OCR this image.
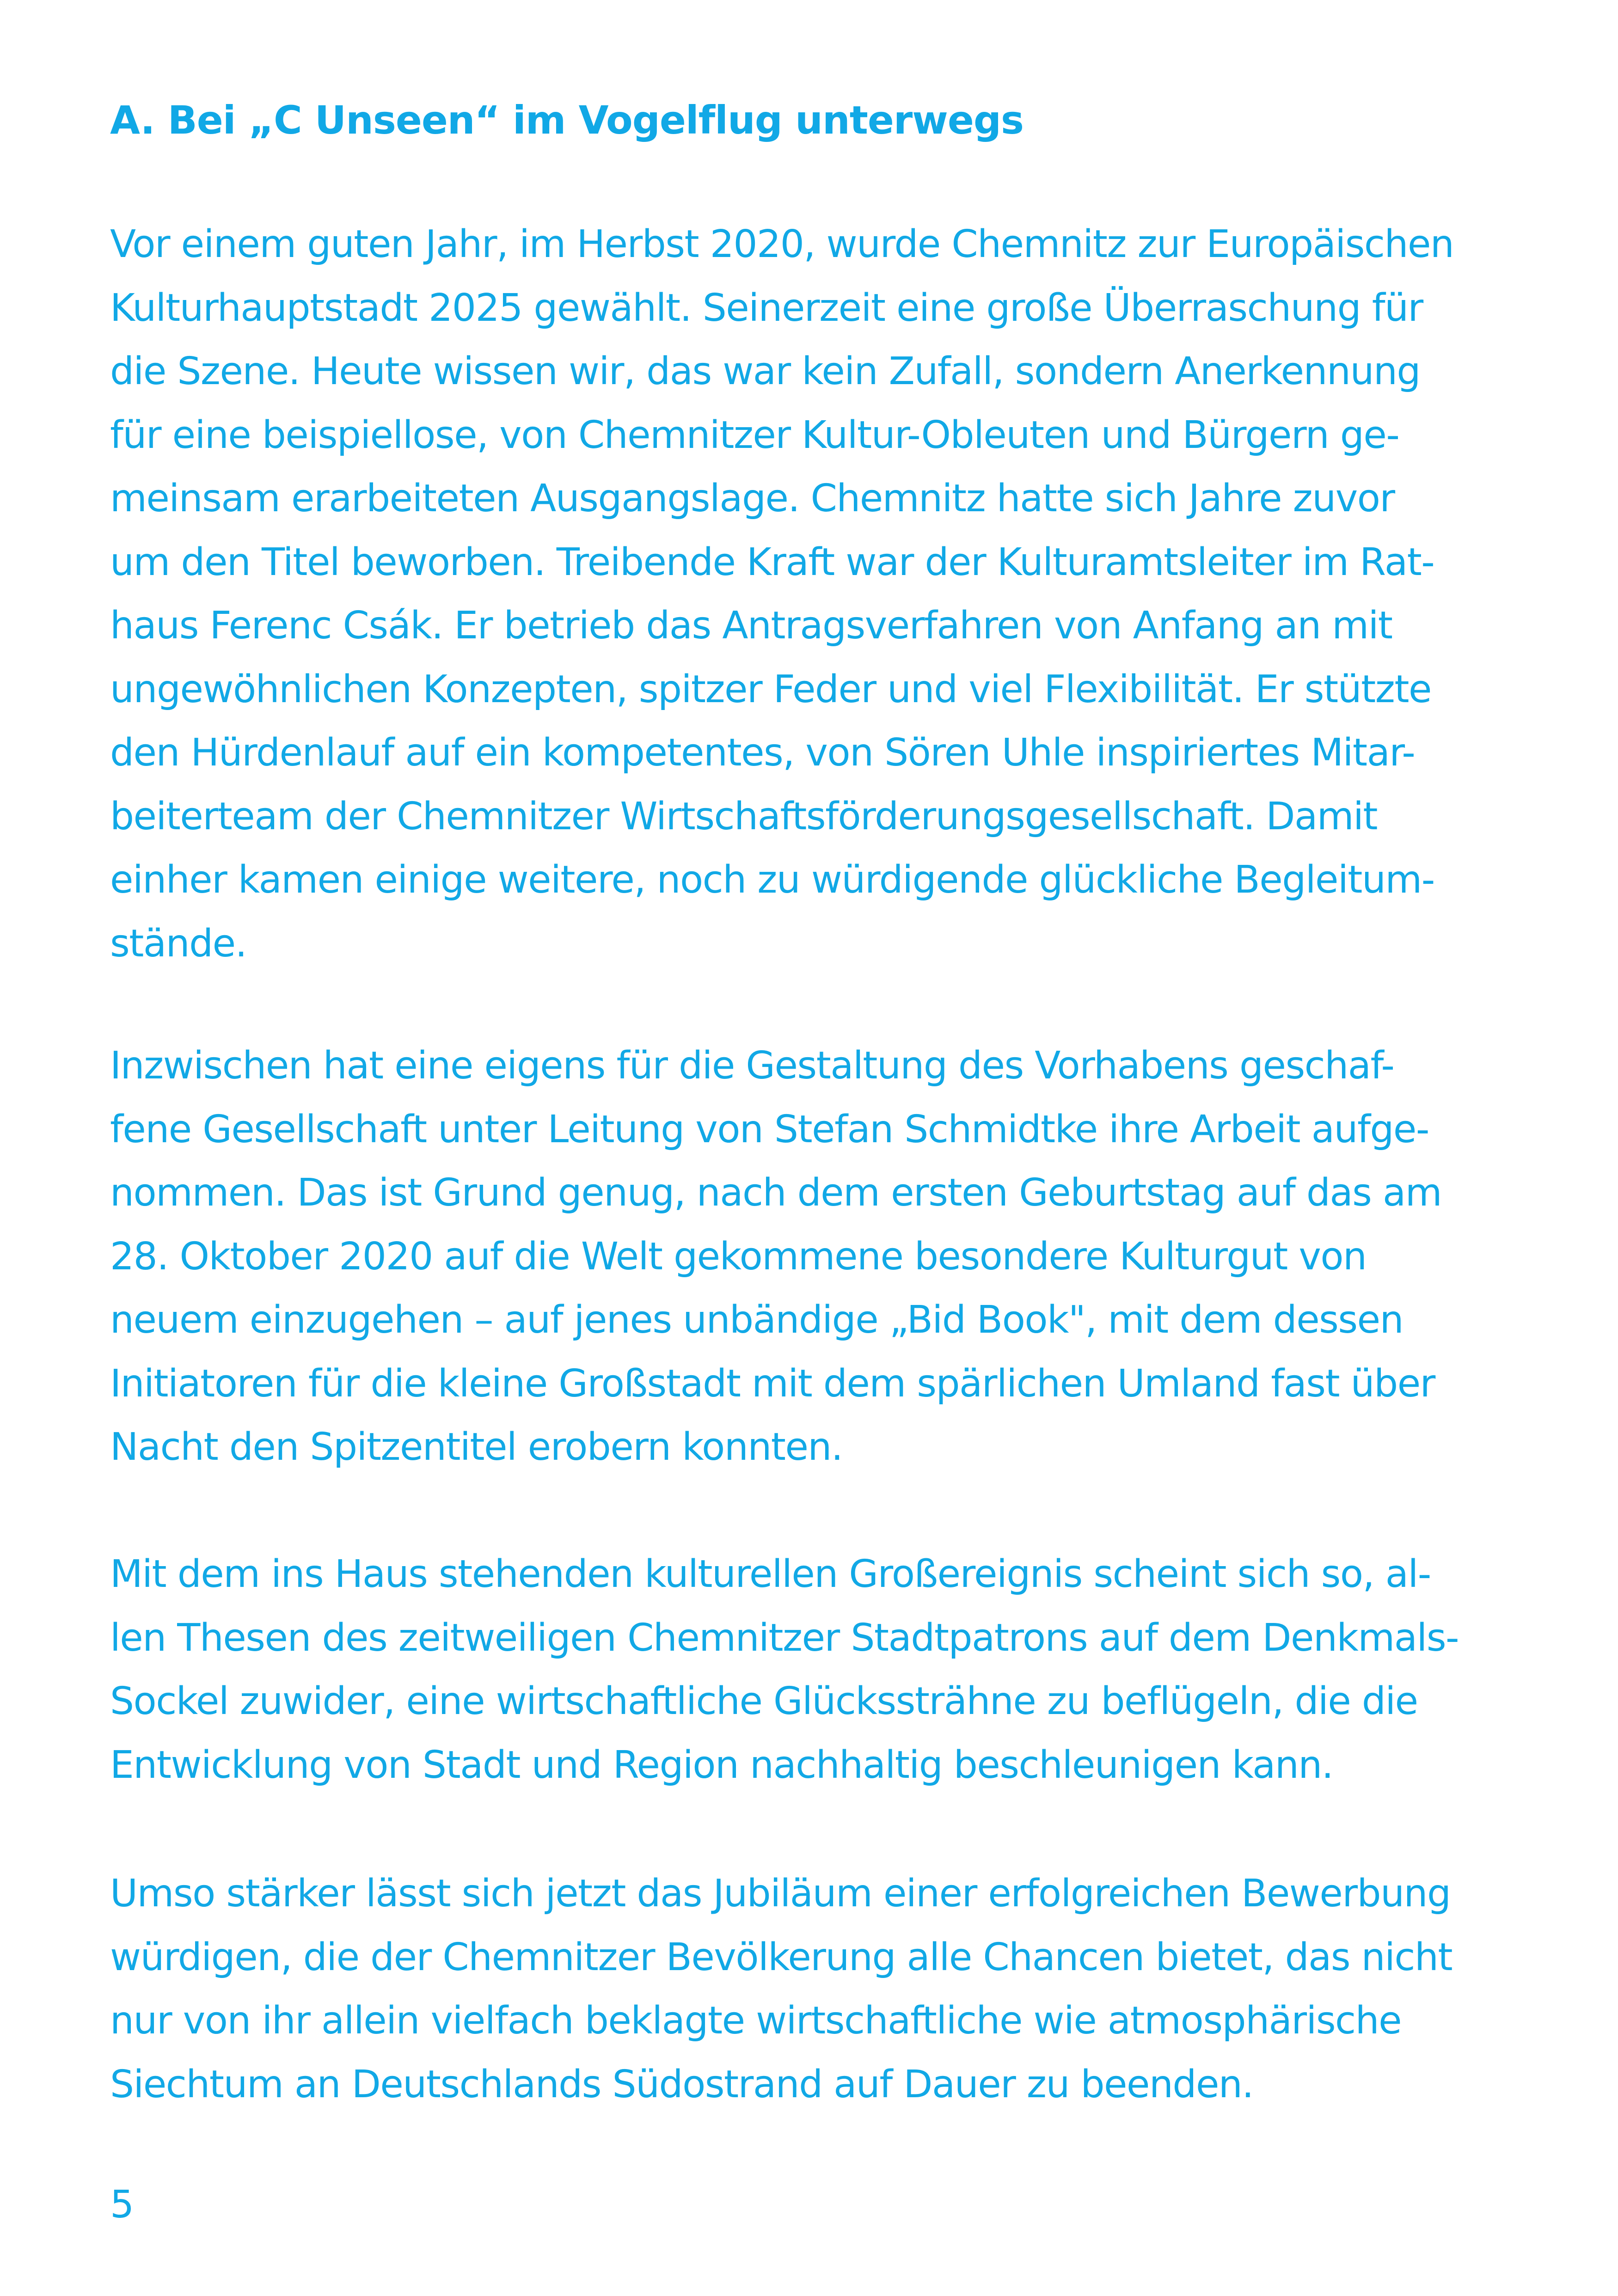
A. Bei „C Unseen“ im Vogelflug unterwegs

Vor einem guten Jahr, im Herbst 2020, wurde Chemnitz zur Europäischen
Kulturhauptstadt 2025 gewählt. Seinerzeit eine große Überraschung für
die Szene. Heute wissen wir, das war kein Zufall, sondern Anerkennung
für eine beispiellose, von Chemnitzer Kultur-Obleuten und Bürgern ge-
meinsam erarbeiteten Ausgangslage. Chemnitz hatte sich Jahre zuvor
um den Titel beworben. Treibende Kraft war der Kulturamtsleiter im Rat-
haus Ferenc Csák. Er betrieb das Antragsverfahren von Anfang an mit
ungewöhnlichen Konzepten, spitzer Feder und viel Flexibilität. Er stützte
den Hürdenlauf auf ein kompetentes, von Sören Uhle inspiriertes Mitar-
beiterteam der Chemnitzer Wirtschaftsförderungsgesellschaft. Damit
einher kamen einige weitere, noch zu würdigende glückliche Begleitum-
stände.

Inzwischen hat eine eigens für die Gestaltung des Vorhabens geschaf-
fene Gesellschaft unter Leitung von Stefan Schmidtke ihre Arbeit aufge-
nommen. Das ist Grund genug, nach dem ersten Geburtstag auf das am
28. Oktober 2020 auf die Welt gekommene besondere Kulturgut von
neuem einzugehen – auf jenes unbändige „Bid Book", mit dem dessen
Initiatoren für die kleine Großstadt mit dem spärlichen Umland fast über
Nacht den Spitzentitel erobern konnten.

Mit dem ins Haus stehenden kulturellen Großereignis scheint sich so, al-
len Thesen des zeitweiligen Chemnitzer Stadtpatrons auf dem Denkmals-
Sockel zuwider, eine wirtschaftliche Glückssträhne zu beflügeln, die die
Entwicklung von Stadt und Region nachhaltig beschleunigen kann.

Umso stärker lässt sich jetzt das Jubiläum einer erfolgreichen Bewerbung
würdigen, die der Chemnitzer Bevölkerung alle Chancen bietet, das nicht
nur von ihr allein vielfach beklagte wirtschaftliche wie atmosphärische
Siechtum an Deutschlands Südostrand auf Dauer zu beenden.

5
